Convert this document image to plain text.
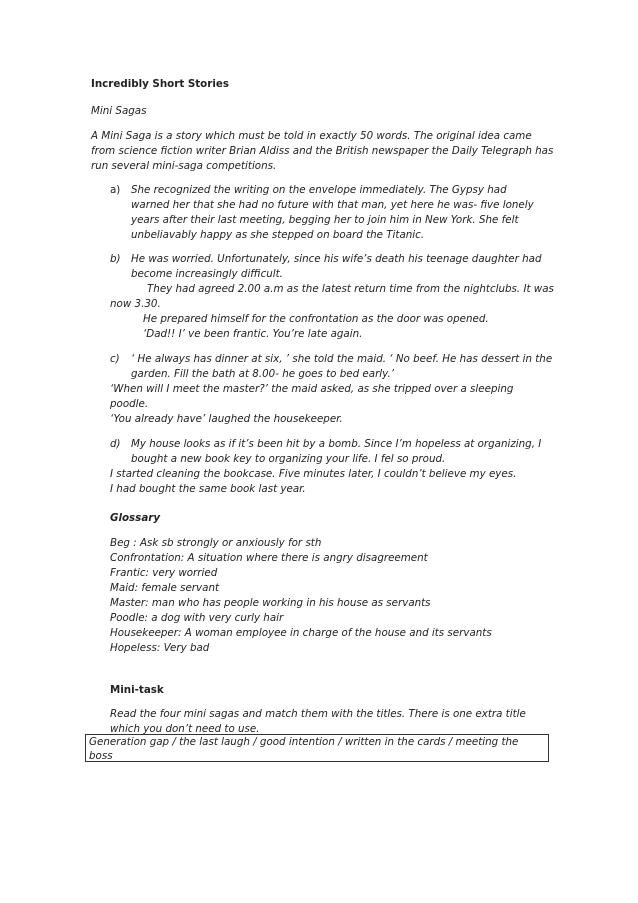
Incredibly Short Stories
Mini Sagas
A Mini Saga is a story which must be told in exactly 50 words. The original idea came
from science fiction writer Brian Aldiss and the British newspaper the Daily Telegraph has
run several mini-saga competitions.
a) She recognized the writing on the envelope immediately. The Gypsy had
warned her that she had no future with that man, yet here he was- five lonely
years after their last meeting, begging her to join him in New York. She felt
unbeliavably happy as she stepped on board the Titanic.
b) He was worried. Unfortunately, since his wife’s death his teenage daughter had
become increasingly difficult.
They had agreed 2.00 a.m as the latest return time from the nightclubs. It was
now 3.30.
He prepared himself for the confrontation as the door was opened.
‘Dad!! I’ ve been frantic. You’re late again.
c) ‘ He always has dinner at six, ’ she told the maid. ‘ No beef. He has dessert in the
garden. Fill the bath at 8.00- he goes to bed early.’
‘When will I meet the master?’ the maid asked, as she tripped over a sleeping
poodle.
‘You already have’ laughed the housekeeper.
d) My house looks as if it’s been hit by a bomb. Since I’m hopeless at organizing, I
bought a new book key to organizing your life. I fel so proud.
I started cleaning the bookcase. Five minutes later, I couldn’t believe my eyes.
I had bought the same book last year.
Glossary
Beg : Ask sb strongly or anxiously for sth
Confrontation: A situation where there is angry disagreement
Frantic: very worried
Maid: female servant
Master: man who has people working in his house as servants
Poodle: a dog with very curly hair
Housekeeper: A woman employee in charge of the house and its servants
Hopeless: Very bad
Mini-task
Read the four mini sagas and match them with the titles. There is one extra title
which you don’t need to use.
Generation gap / the last laugh / good intention / written in the cards / meeting the
boss
